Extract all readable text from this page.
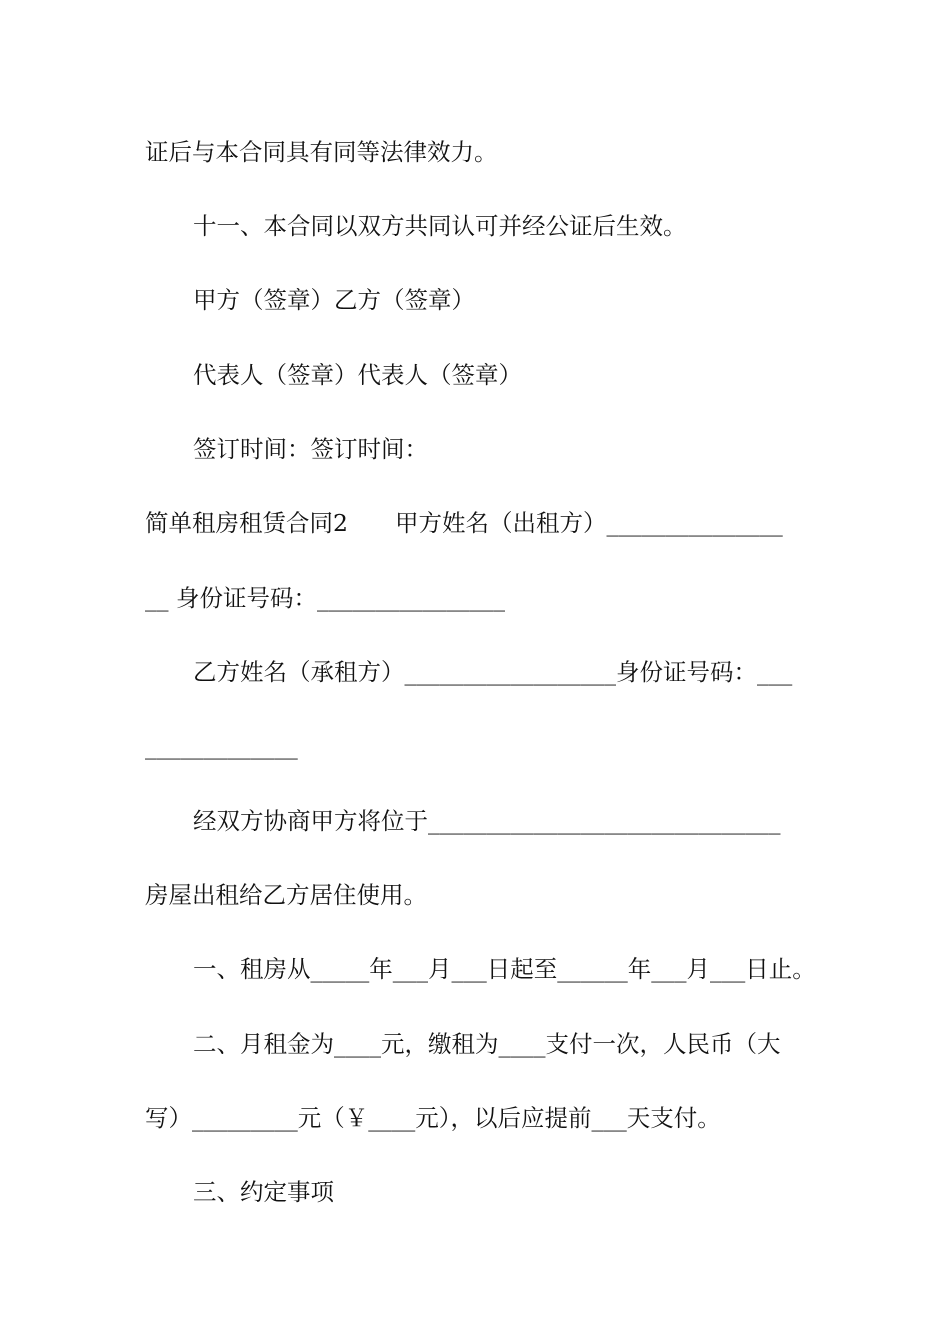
证后与本合同具有同等法律效力。
十一、本合同以双方共同认可并经公证后生效。
甲方（签章）乙方（签章）
代表人（签章）代表人（签章）
签订时间：签订时间：
简单租房租赁合同2　　甲方姓名（出租方）_______________
__ 身份证号码：________________
乙方姓名（承租方）__________________身份证号码：___
_____________
经双方协商甲方将位于______________________________
房屋出租给乙方居住使用。
一、租房从_____年___月___日起至______年___月___日止。
二、月租金为____元，缴租为____支付一次，人民币（大
写）_________元（￥____元），以后应提前___天支付。
三、约定事项
